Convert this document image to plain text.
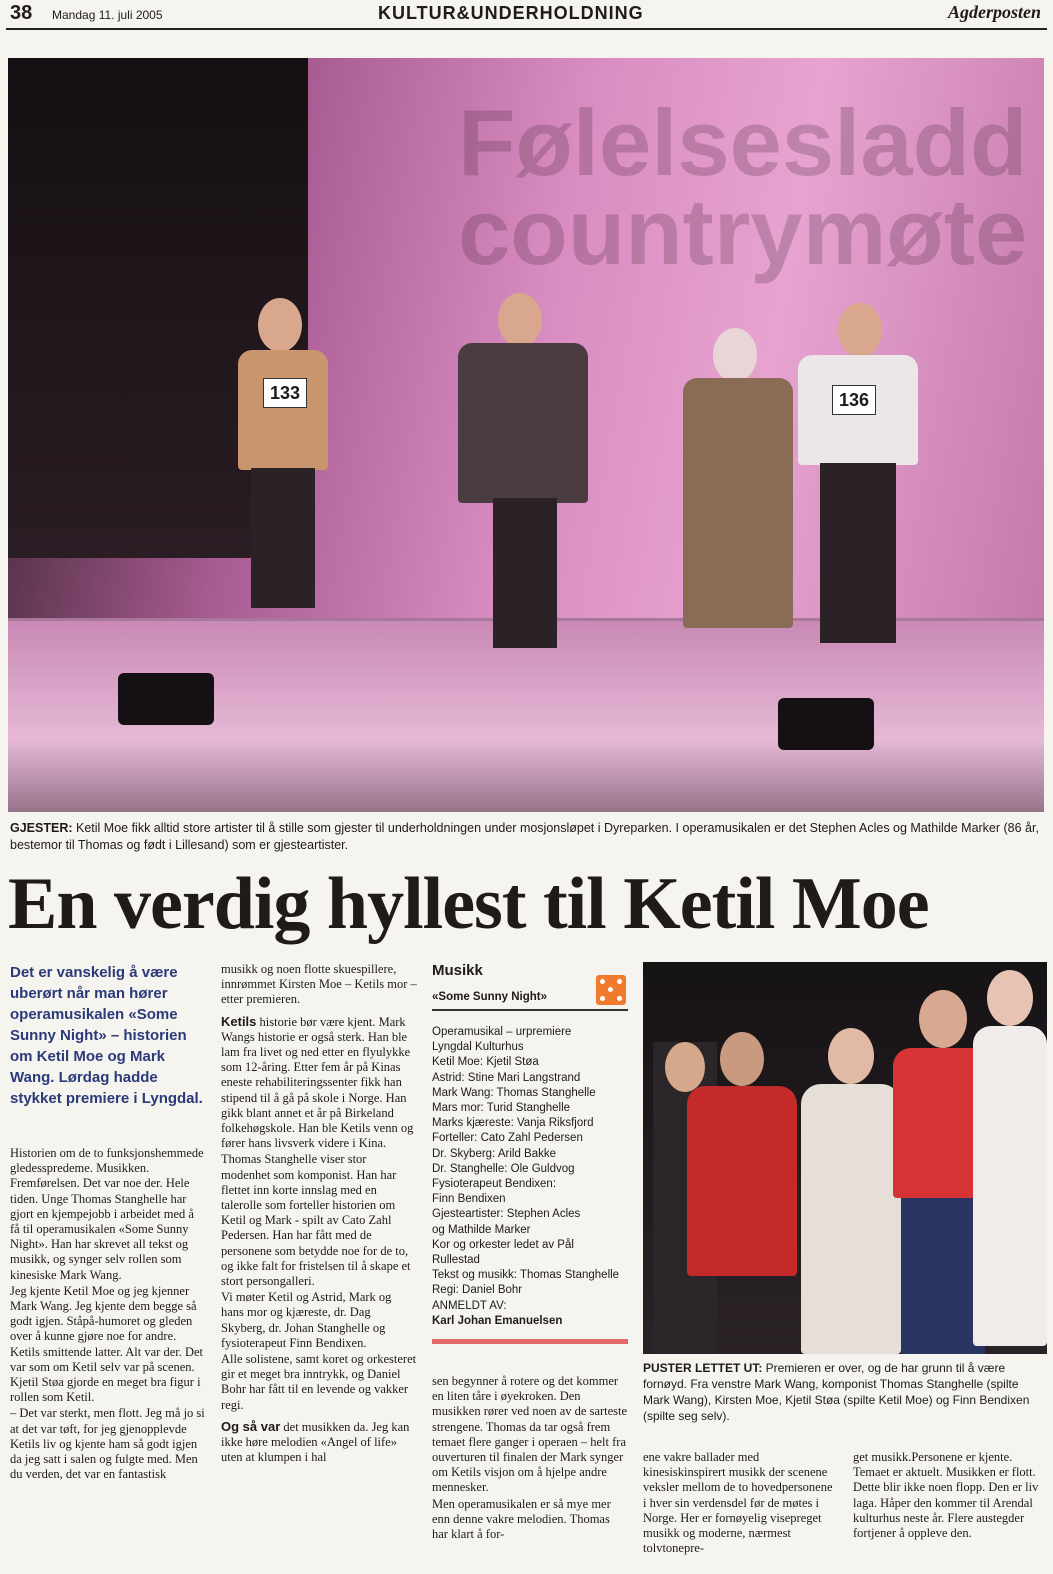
38 Mandag 11. juli 2005	KULTUR&UNDERHOLDNING	Agderposten
Følelsesladd
countrymøte
133	136
GJESTER: Ketil Moe fikk alltid store artister til å stille som gjester til underholdningen under mosjonsløpet i Dyreparken. I operamusikalen er det Stephen Acles og Mathilde Marker (86 år, bestemor til Thomas og født i Lillesand) som er gjesteartister.
En verdig hyllest til Ketil Moe
Det er vanskelig å være uberørt når man hører operamusikalen «Some Sunny Night» – historien om Ketil Moe og Mark Wang. Lørdag hadde stykket premiere i Lyngdal.

Historien om de to funksjonshemmede gledesspredeme. Musikken. Fremførelsen. Det var noe der. Hele tiden. Unge Thomas Stanghelle har gjort en kjempejobb i arbeidet med å få til operamusikalen «Some Sunny Night». Han har skrevet all tekst og musikk, og synger selv rollen som kinesiske Mark Wang.

Jeg kjente Ketil Moe og jeg kjenner Mark Wang. Jeg kjente dem begge så godt igjen. Ståpå-humoret og gleden over å kunne gjøre noe for andre. Ketils smittende latter. Alt var der. Det var som om Ketil selv var på scenen. Kjetil Støa gjorde en meget bra figur i rollen som Ketil.

– Det var sterkt, men flott. Jeg må jo si at det var tøft, for jeg gjenopplevde Ketils liv og kjente ham så godt igjen da jeg satt i salen og fulgte med. Men du verden, det var en fantastisk

musikk og noen flotte skuespillere, innrømmet Kirsten Moe – Ketils mor – etter premieren.

Ketils historie bør være kjent. Mark Wangs historie er også sterk. Han ble lam fra livet og ned etter en flyulykke som 12-åring. Etter fem år på Kinas eneste rehabiliteringssenter fikk han stipend til å gå på skole i Norge. Han gikk blant annet et år på Birkeland folkehøgskole. Han ble Ketils venn og fører hans livsverk videre i Kina.

Thomas Stanghelle viser stor modenhet som komponist. Han har flettet inn korte innslag med en talerolle som forteller historien om Ketil og Mark - spilt av Cato Zahl Pedersen. Han har fått med de personene som betydde noe for de to, og ikke falt for fristelsen til å skape et stort persongalleri.

Vi møter Ketil og Astrid, Mark og hans mor og kjæreste, dr. Dag Skyberg, dr. Johan Stanghelle og fysioterapeut Finn Bendixen.

Alle solistene, samt koret og orkesteret gir et meget bra inntrykk, og Daniel Bohr har fått til en levende og vakker regi.

Og så var det musikken da. Jeg kan ikke høre melodien «Angel of life» uten at klumpen i hal

Musikk
«Some Sunny Night»
Operamusikal – urpremiere
Lyngdal Kulturhus
Ketil Moe: Kjetil Støa
Astrid: Stine Mari Langstrand
Mark Wang: Thomas Stanghelle
Mars mor: Turid Stanghelle
Marks kjæreste: Vanja Riksfjord
Forteller: Cato Zahl Pedersen
Dr. Skyberg: Arild Bakke
Dr. Stanghelle: Ole Guldvog
Fysioterapeut Bendixen:
Finn Bendixen
Gjesteartister: Stephen Acles
og Mathilde Marker
Kor og orkester ledet av Pål
Rullestad
Tekst og musikk: Thomas Stanghelle
Regi: Daniel Bohr
ANMELDT AV:
Karl Johan Emanuelsen

sen begynner å rotere og det kommer en liten tåre i øyekroken. Den musikken rører ved noen av de sarteste strengene. Thomas da tar også frem temaet flere ganger i operaen – helt fra ouverturen til finalen der Mark synger om Ketils visjon om å hjelpe andre mennesker.

Men operamusikalen er så mye mer enn denne vakre melodien. Thomas har klart å for-

PUSTER LETTET UT: Premieren er over, og de har grunn til å være fornøyd. Fra venstre Mark Wang, komponist Thomas Stanghelle (spilte Mark Wang), Kirsten Moe, Kjetil Støa (spilte Ketil Moe) og Finn Bendixen (spilte seg selv).

ene vakre ballader med kinesiskinspirert musikk der scenene veksler mellom de to hovedpersonene i hver sin verdensdel før de møtes i Norge. Her er fornøyelig visepreget musikk og moderne, nærmest tolvtonepre-

get musikk.Personene er kjente. Temaet er aktuelt. Musikken er flott. Dette blir ikke noen flopp. Den er liv laga. Håper den kommer til Arendal kulturhus neste år. Flere austegder fortjener å oppleve den.
